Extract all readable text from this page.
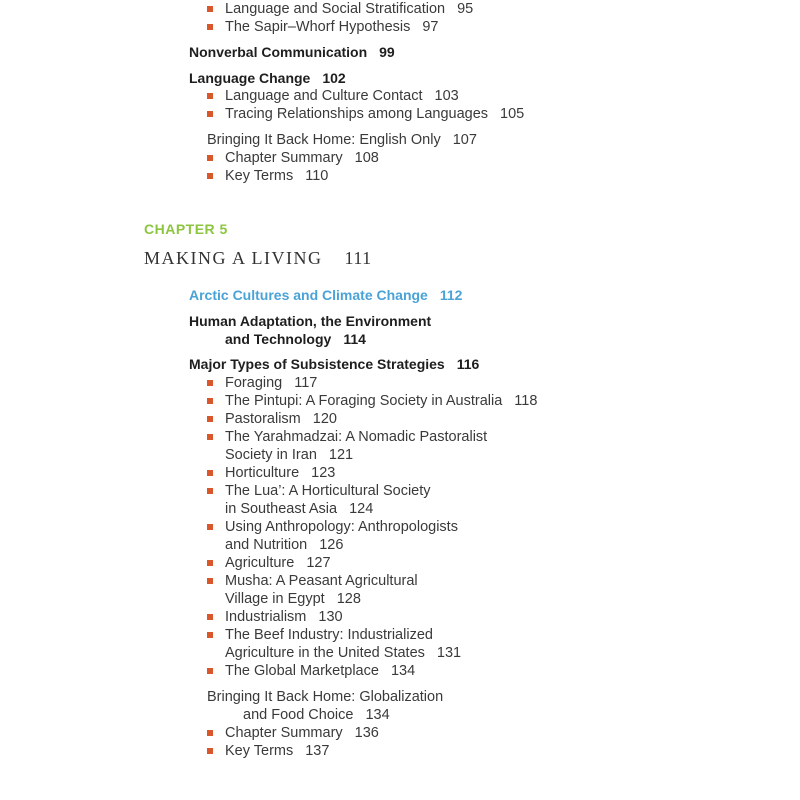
Language and Social Stratification 95
The Sapir–Whorf Hypothesis 97
Nonverbal Communication 99
Language Change 102
Language and Culture Contact 103
Tracing Relationships among Languages 105
Bringing It Back Home: English Only 107
Chapter Summary 108
Key Terms 110
CHAPTER 5
MAKING A LIVING 111
Arctic Cultures and Climate Change 112
Human Adaptation, the Environment
and Technology 114
Major Types of Subsistence Strategies 116
Foraging 117
The Pintupi: A Foraging Society in Australia 118
Pastoralism 120
The Yarahmadzai: A Nomadic Pastoralist
Society in Iran 121
Horticulture 123
The Lua’: A Horticultural Society
in Southeast Asia 124
Using Anthropology: Anthropologists
and Nutrition 126
Agriculture 127
Musha: A Peasant Agricultural
Village in Egypt 128
Industrialism 130
The Beef Industry: Industrialized
Agriculture in the United States 131
The Global Marketplace 134
Bringing It Back Home: Globalization
and Food Choice 134
Chapter Summary 136
Key Terms 137
